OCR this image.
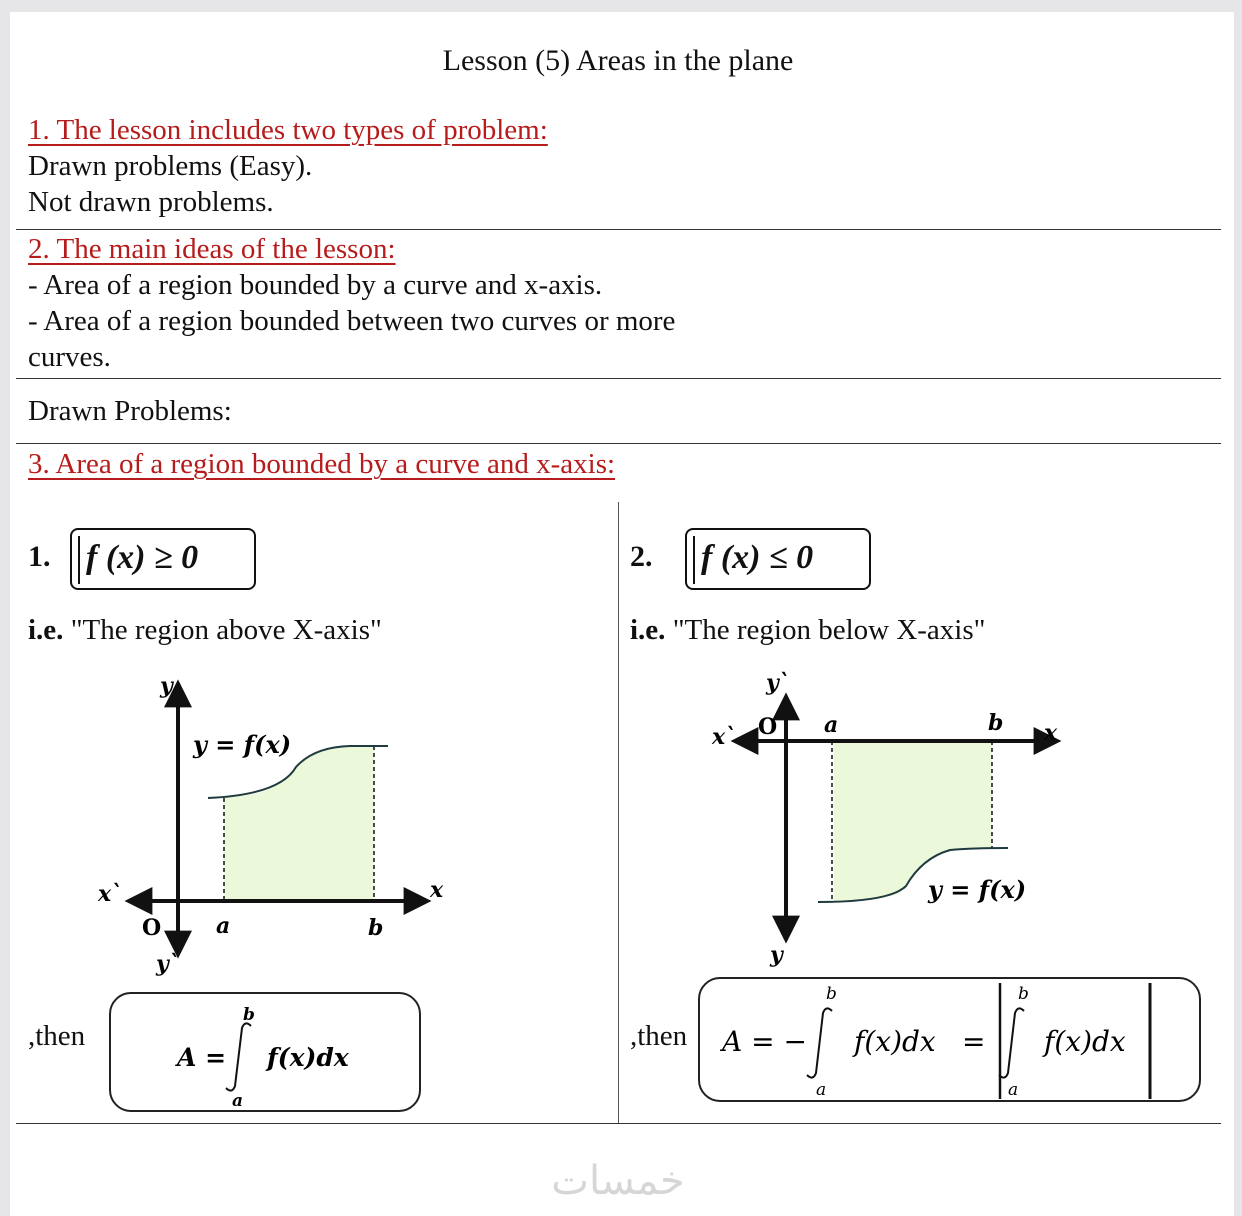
Lesson (5) Areas in the plane
1. The lesson includes two types of problem:
Drawn problems (Easy).
Not drawn problems.
2. The main ideas of the lesson:
- Area of a region bounded by a curve and x-axis.
- Area of a region bounded between two curves or more
curves.
Drawn Problems:
3. Area of a region bounded by a curve and x-axis:
1.	f (x) ≥ 0
i.e. "The region above X-axis"
y
y = f(x)
x`	x
O a	b
y`
,then
A =
b
a
f(x)dx
2.	f (x) ≤ 0
i.e. "The region below X-axis"
y`
x` O a	b x
y = f(x)
y
,then A = −
b
a
f(x)dx =
b
a
f(x)dx
خمسات
